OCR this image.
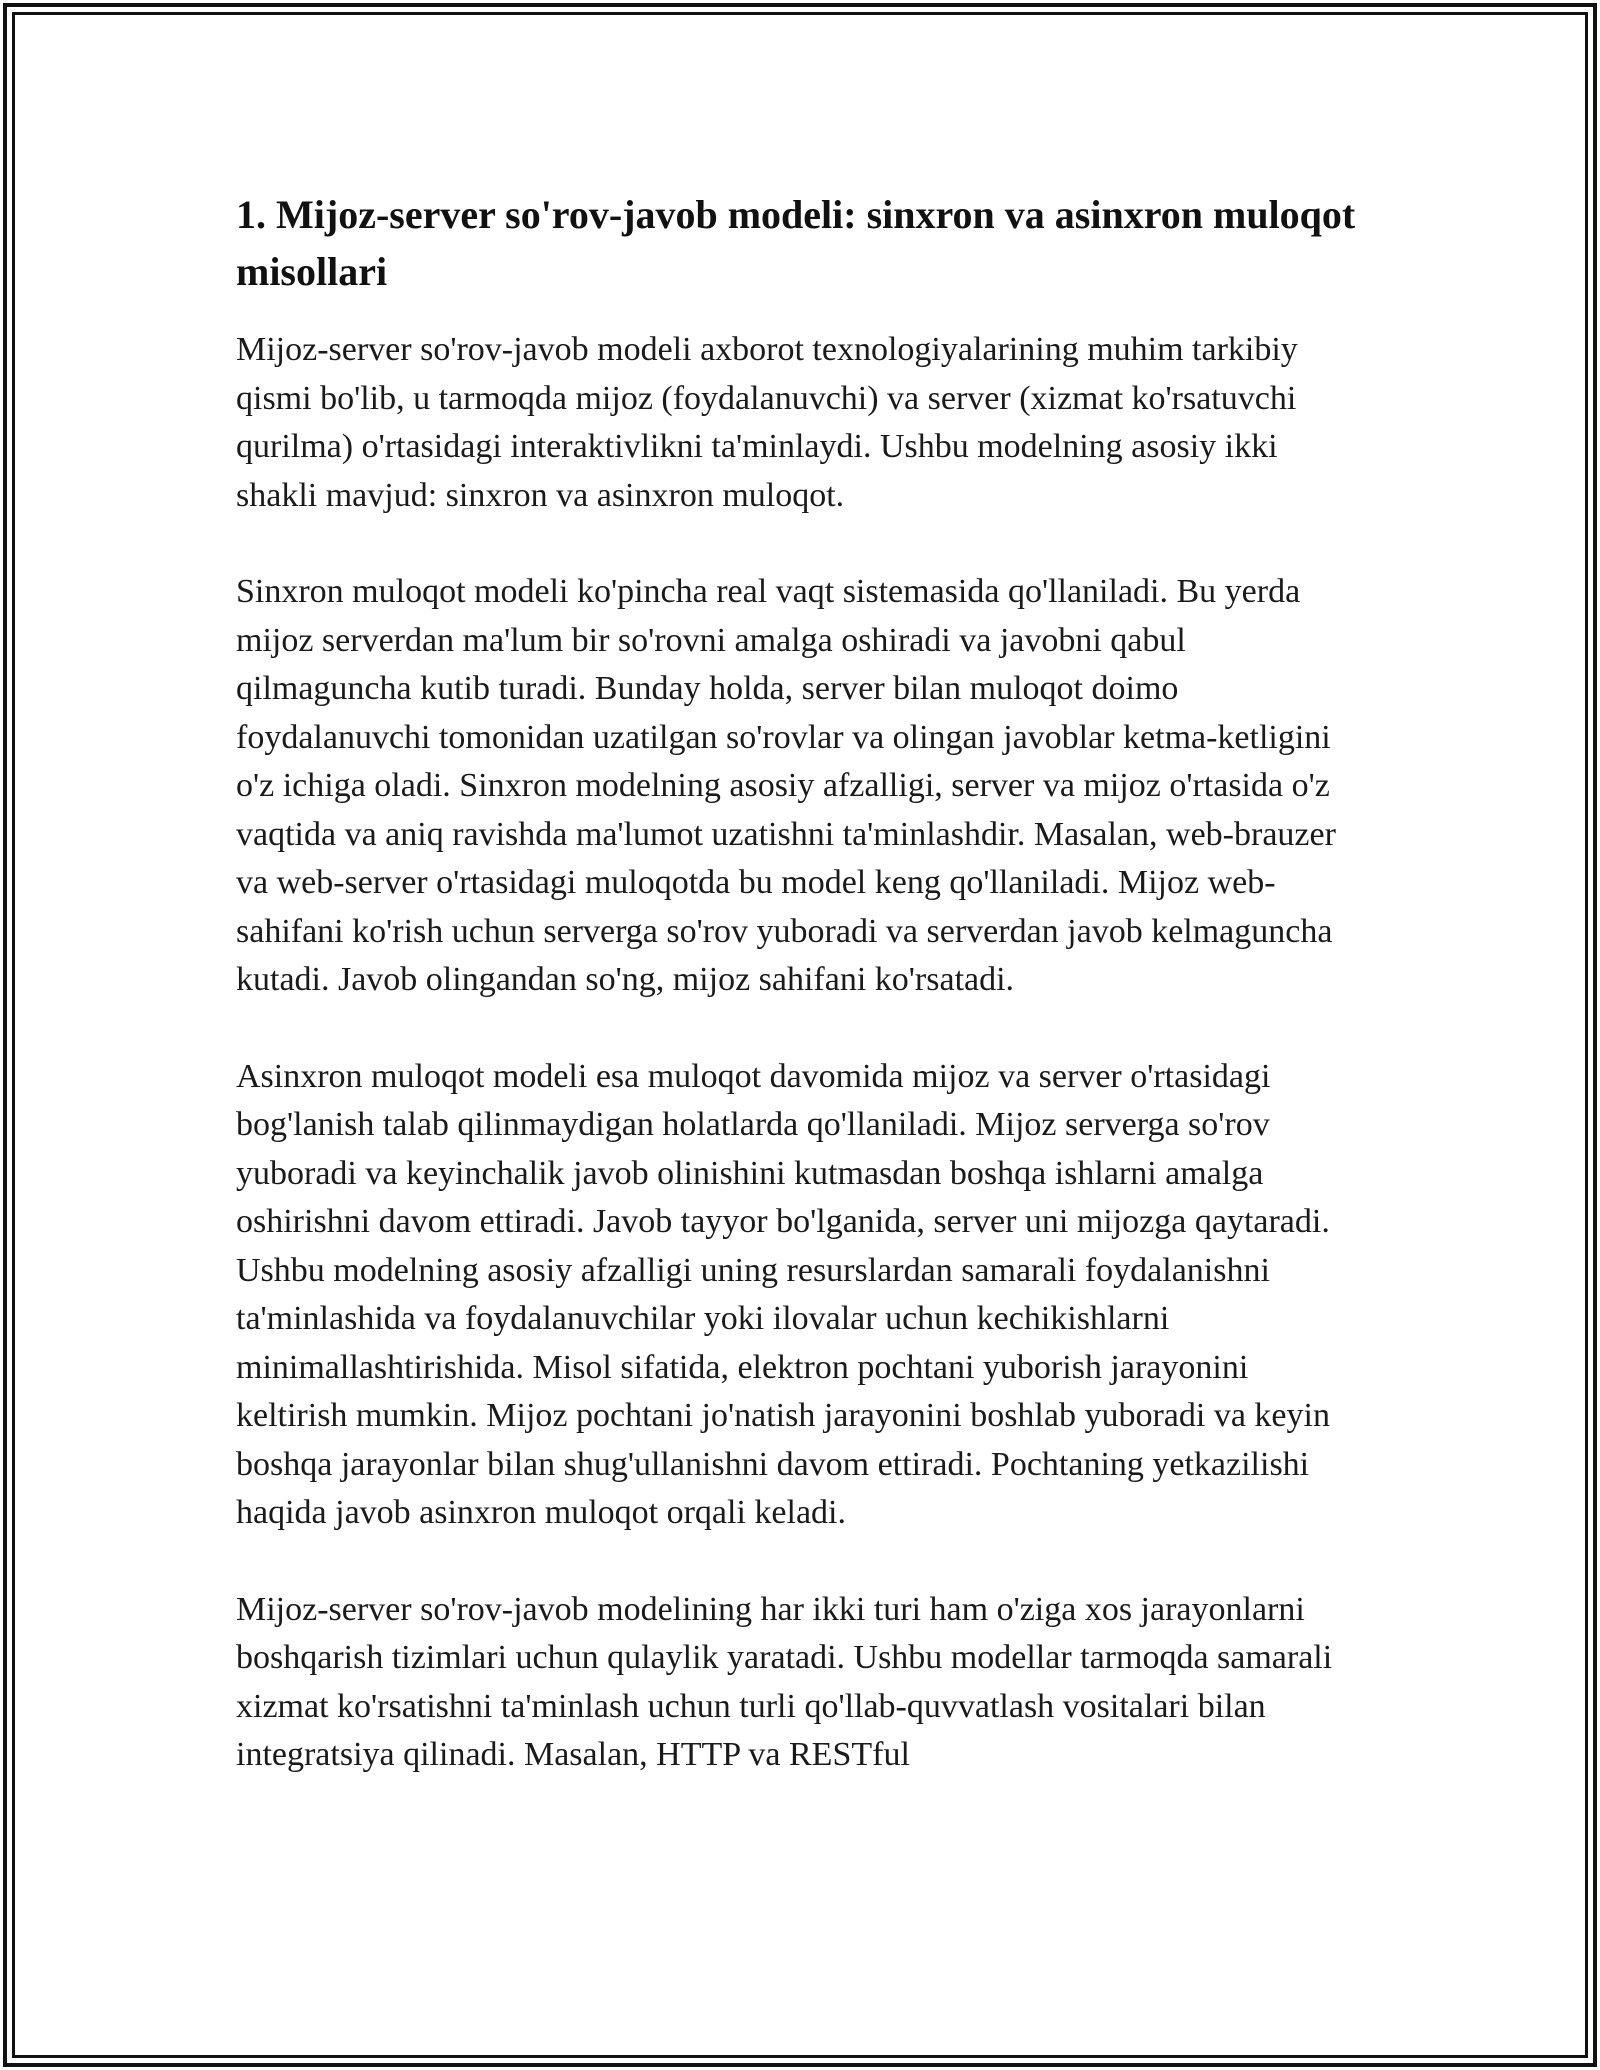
1. Mijoz-server so'rov-javob modeli: sinxron va asinxron muloqot misollari

Mijoz-server so'rov-javob modeli axborot texnologiyalarining muhim tarkibiy qismi bo'lib, u tarmoqda mijoz (foydalanuvchi) va server (xizmat ko'rsatuvchi qurilma) o'rtasidagi interaktivlikni ta'minlaydi. Ushbu modelning asosiy ikki shakli mavjud: sinxron va asinxron muloqot.

Sinxron muloqot modeli ko'pincha real vaqt sistemasida qo'llaniladi. Bu yerda mijoz serverdan ma'lum bir so'rovni amalga oshiradi va javobni qabul qilmaguncha kutib turadi. Bunday holda, server bilan muloqot doimo foydalanuvchi tomonidan uzatilgan so'rovlar va olingan javoblar ketma-ketligini o'z ichiga oladi. Sinxron modelning asosiy afzalligi, server va mijoz o'rtasida o'z vaqtida va aniq ravishda ma'lumot uzatishni ta'minlashdir. Masalan, web-brauzer va web-server o'rtasidagi muloqotda bu model keng qo'llaniladi. Mijoz web-sahifani ko'rish uchun serverga so'rov yuboradi va serverdan javob kelmaguncha kutadi. Javob olingandan so'ng, mijoz sahifani ko'rsatadi.

Asinxron muloqot modeli esa muloqot davomida mijoz va server o'rtasidagi bog'lanish talab qilinmaydigan holatlarda qo'llaniladi. Mijoz serverga so'rov yuboradi va keyinchalik javob olinishini kutmasdan boshqa ishlarni amalga oshirishni davom ettiradi. Javob tayyor bo'lganida, server uni mijozga qaytaradi. Ushbu modelning asosiy afzalligi uning resurslardan samarali foydalanishni ta'minlashida va foydalanuvchilar yoki ilovalar uchun kechikishlarni minimallashtirishida. Misol sifatida, elektron pochtani yuborish jarayonini keltirish mumkin. Mijoz pochtani jo'natish jarayonini boshlab yuboradi va keyin boshqa jarayonlar bilan shug'ullanishni davom ettiradi. Pochtaning yetkazilishi haqida javob asinxron muloqot orqali keladi.

Mijoz-server so'rov-javob modelining har ikki turi ham o'ziga xos jarayonlarni boshqarish tizimlari uchun qulaylik yaratadi. Ushbu modellar tarmoqda samarali xizmat ko'rsatishni ta'minlash uchun turli qo'llab-quvvatlash vositalari bilan integratsiya qilinadi. Masalan, HTTP va RESTful
